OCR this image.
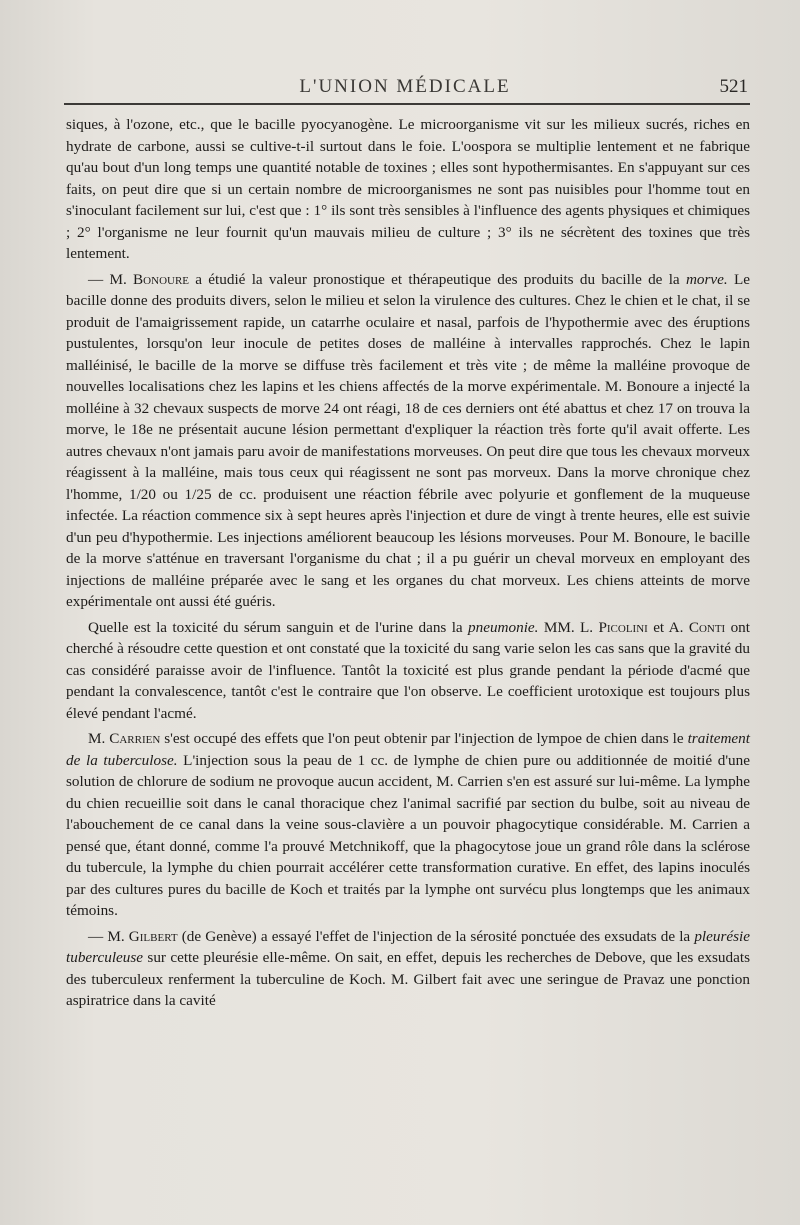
L'UNION MÉDICALE	521

siques, à l'ozone, etc., que le bacille pyocyanogène. Le microorganisme vit sur les milieux sucrés, riches en hydrate de carbone, aussi se cultive-t-il surtout dans le foie. L'oospora se multiplie lentement et ne fabrique qu'au bout d'un long temps une quantité notable de toxines ; elles sont hypothermisantes. En s'appuyant sur ces faits, on peut dire que si un certain nombre de microorganismes ne sont pas nuisibles pour l'homme tout en s'inoculant facilement sur lui, c'est que : 1° ils sont très sensibles à l'influence des agents physiques et chimiques ; 2° l'organisme ne leur fournit qu'un mauvais milieu de culture ; 3° ils ne sécrètent des toxines que très lentement.

— M. Bonoure a étudié la valeur pronostique et thérapeutique des produits du bacille de la morve. Le bacille donne des produits divers, selon le milieu et selon la virulence des cultures. Chez le chien et le chat, il se produit de l'amaigrissement rapide, un catarrhe oculaire et nasal, parfois de l'hypothermie avec des éruptions pustulentes, lorsqu'on leur inocule de petites doses de malléine à intervalles rapprochés. Chez le lapin malléinisé, le bacille de la morve se diffuse très facilement et très vite ; de même la malléine provoque de nouvelles localisations chez les lapins et les chiens affectés de la morve expérimentale. M. Bonoure a injecté la molléine à 32 chevaux suspects de morve 24 ont réagi, 18 de ces derniers ont été abattus et chez 17 on trouva la morve, le 18e ne présentait aucune lésion permettant d'expliquer la réaction très forte qu'il avait offerte. Les autres chevaux n'ont jamais paru avoir de manifestations morveuses. On peut dire que tous les chevaux morveux réagissent à la malléine, mais tous ceux qui réagissent ne sont pas morveux. Dans la morve chronique chez l'homme, 1/20 ou 1/25 de cc. produisent une réaction fébrile avec polyurie et gonflement de la muqueuse infectée. La réaction commence six à sept heures après l'injection et dure de vingt à trente heures, elle est suivie d'un peu d'hypothermie. Les injections améliorent beaucoup les lésions morveuses. Pour M. Bonoure, le bacille de la morve s'atténue en traversant l'organisme du chat ; il a pu guérir un cheval morveux en employant des injections de malléine préparée avec le sang et les organes du chat morveux. Les chiens atteints de morve expérimentale ont aussi été guéris.

Quelle est la toxicité du sérum sanguin et de l'urine dans la pneumonie. MM. L. Picolini et A. Conti ont cherché à résoudre cette question et ont constaté que la toxicité du sang varie selon les cas sans que la gravité du cas considéré paraisse avoir de l'influence. Tantôt la toxicité est plus grande pendant la période d'acmé que pendant la convalescence, tantôt c'est le contraire que l'on observe. Le coefficient urotoxique est toujours plus élevé pendant l'acmé.

M. Carrien s'est occupé des effets que l'on peut obtenir par l'injection de lympoe de chien dans le traitement de la tuberculose. L'injection sous la peau de 1 cc. de lymphe de chien pure ou additionnée de moitié d'une solution de chlorure de sodium ne provoque aucun accident, M. Carrien s'en est assuré sur lui-même. La lymphe du chien recueillie soit dans le canal thoracique chez l'animal sacrifié par section du bulbe, soit au niveau de l'abouchement de ce canal dans la veine sous-clavière a un pouvoir phagocytique considérable. M. Carrien a pensé que, étant donné, comme l'a prouvé Metchnikoff, que la phagocytose joue un grand rôle dans la sclérose du tubercule, la lymphe du chien pourrait accélérer cette transformation curative. En effet, des lapins inoculés par des cultures pures du bacille de Koch et traités par la lymphe ont survécu plus longtemps que les animaux témoins.

— M. Gilbert (de Genève) a essayé l'effet de l'injection de la sérosité ponctuée des exsudats de la pleurésie tuberculeuse sur cette pleurésie elle-même. On sait, en effet, depuis les recherches de Debove, que les exsudats des tuberculeux renferment la tuberculine de Koch. M. Gilbert fait avec une seringue de Pravaz une ponction aspiratrice dans la cavité
